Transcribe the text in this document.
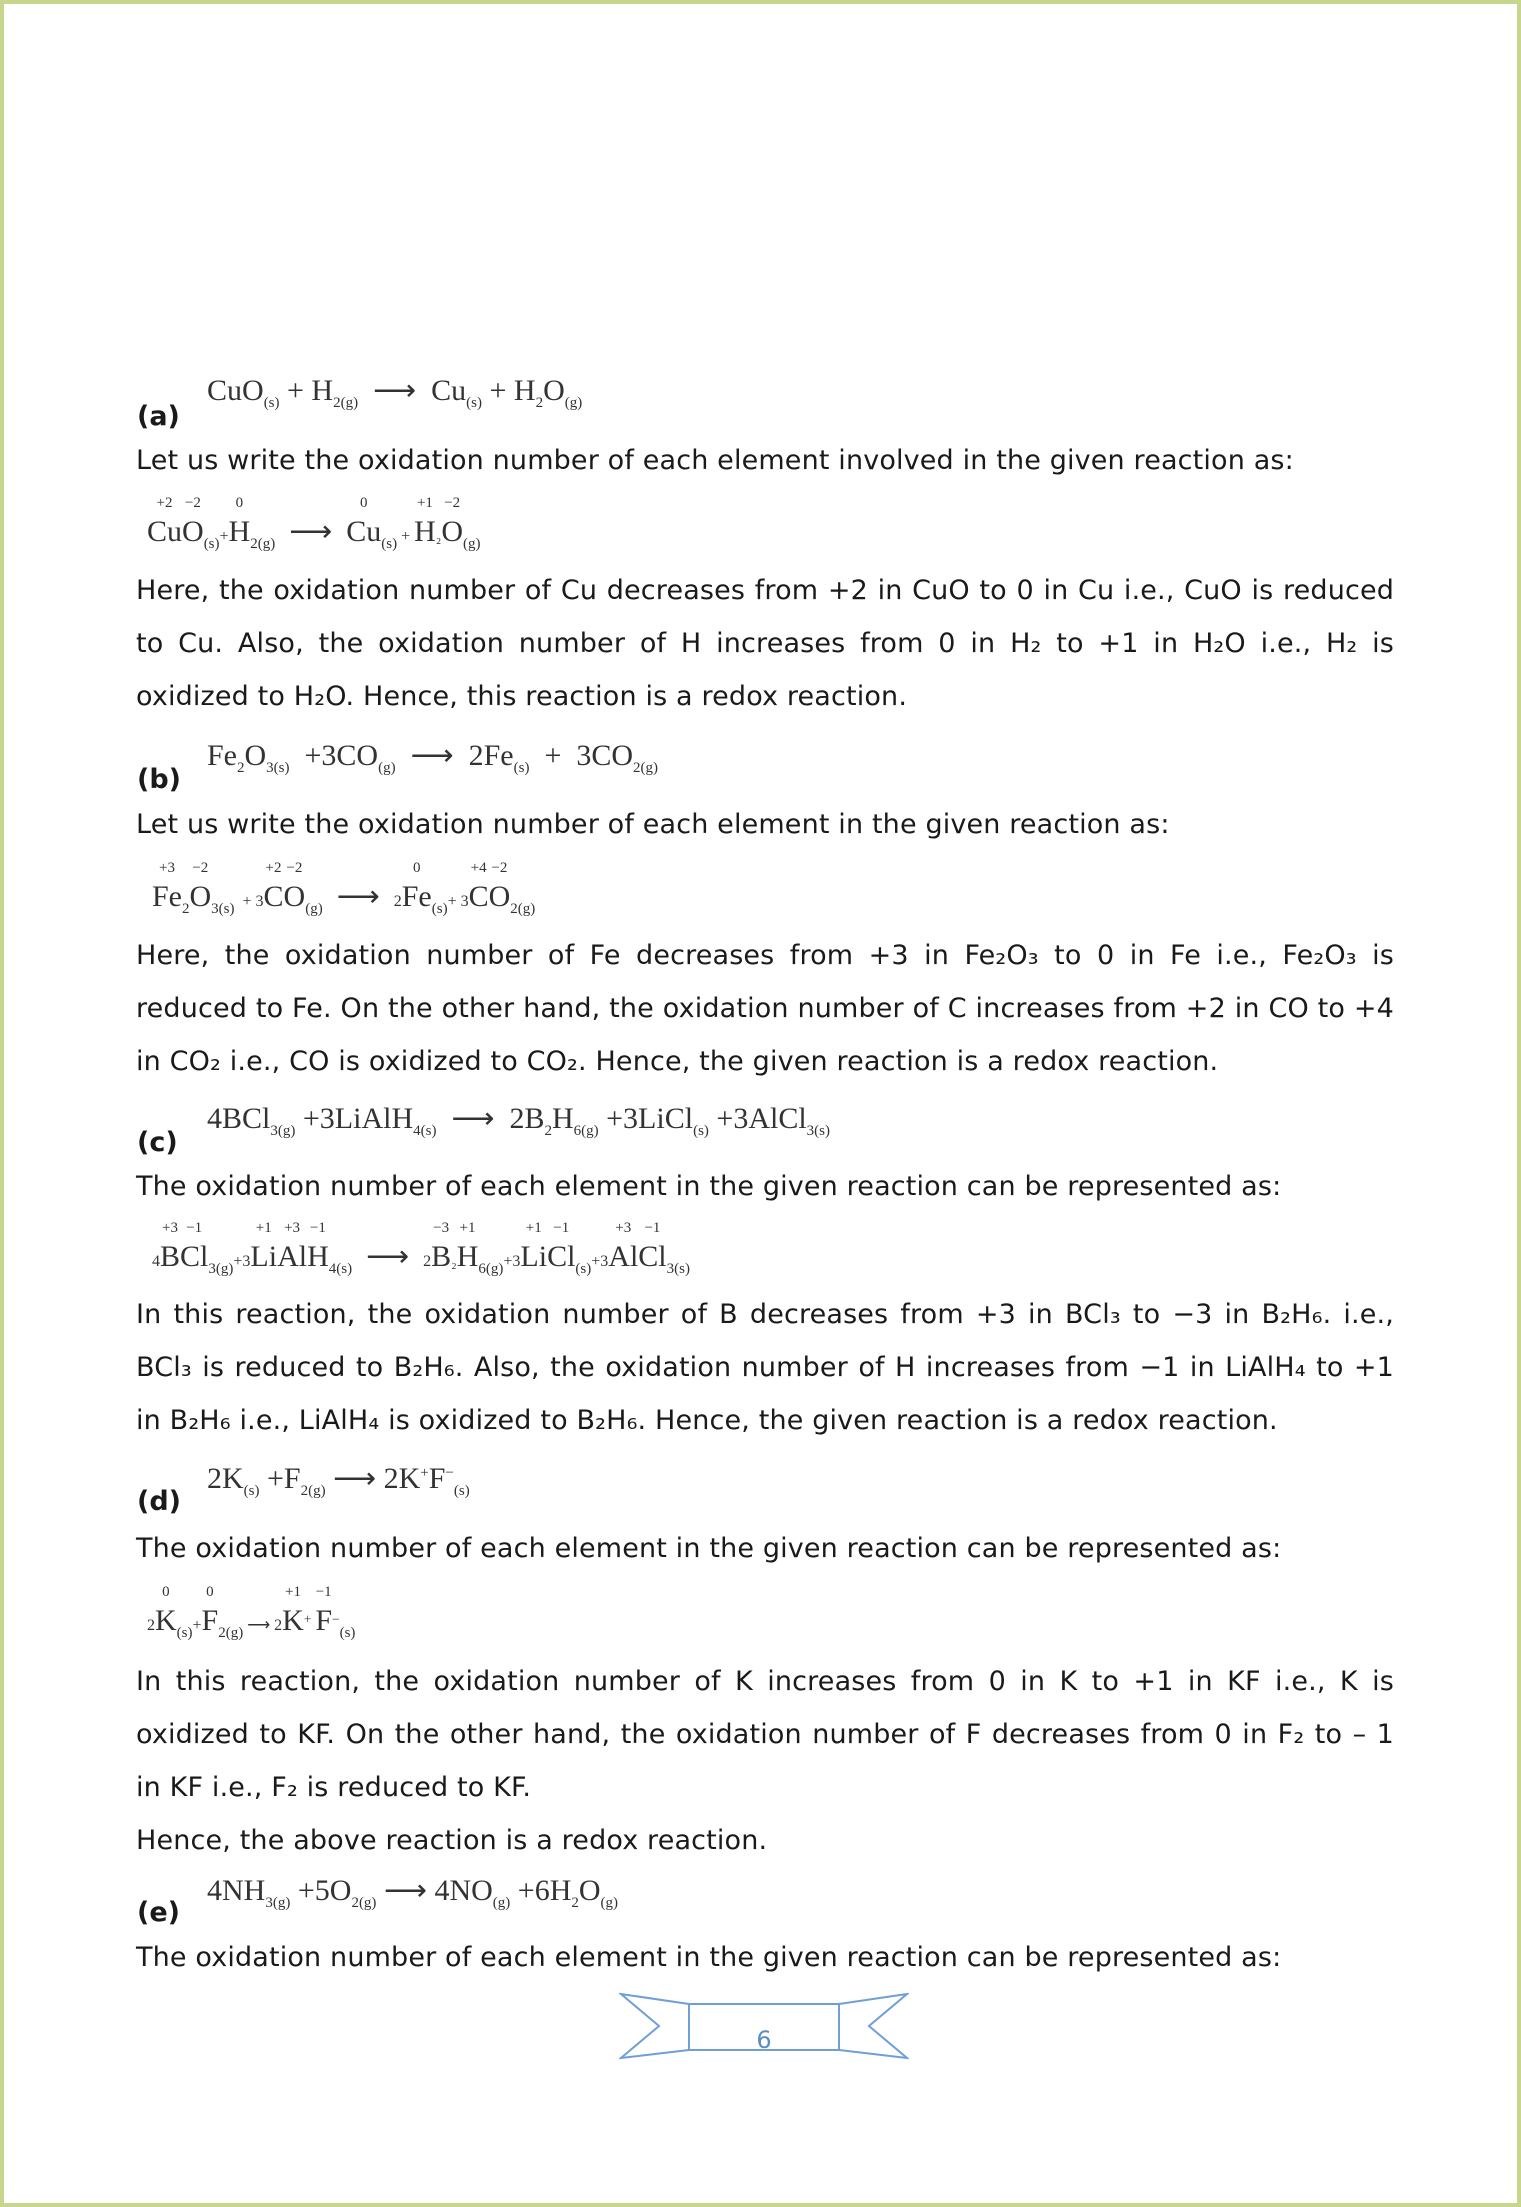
(a)
$CuO_{(s)} + H_{2(g)}$  ⟶  $Cu_{(s)} + H_2O_{(g)}$

Let us write the oxidation number of each element involved in the given reaction as:

Cu
+2
O
−2
$_{(s)}$+H
0
$_{2(g)}$ ⟶ Cu
0
$_{(s)}$ + H
+1
₂O
−2
$_{(g)}$

Here, the oxidation number of Cu decreases from +2 in CuO to 0 in Cu i.e., CuO is reduced to Cu. Also, the oxidation number of H increases from 0 in H₂ to +1 in H₂O i.e., H₂ is oxidized to H₂O. Hence, this reaction is a redox reaction.

(b)
$Fe_2O_{3(s)} +3CO_{(g)}$  ⟶  $2Fe_{(s)} + 3CO_{2(g)}$

Let us write the oxidation number of each element in the given reaction as:

Fe
+3
$_2$O
−2
$_{3(s)}$  + 3C
+2
O
−2
$_{(g)}$ ⟶ 2Fe
0
$_{(s)}$+ 3C
+4
O
−2
$_{2(g)}$

Here, the oxidation number of Fe decreases from +3 in Fe₂O₃ to 0 in Fe i.e., Fe₂O₃ is reduced to Fe. On the other hand, the oxidation number of C increases from +2 in CO to +4 in CO₂ i.e., CO is oxidized to CO₂. Hence, the given reaction is a redox reaction.

(c)
4BCl$_{3(g)}$ +3LiAlH$_{4(s)}$  ⟶  $2B_2H_{6(g)}$ +3LiCl$_{(s)}$ +3AlCl$_{3(s)}$

The oxidation number of each element in the given reaction can be represented as:

4B
+3
Cl
−1
$_{3(g)}$+3Li
+1
Al
+3
H
−1
$_{4(s)}$ ⟶ 2B
−3
₂H
+1
$_{6(g)}$+3Li
+1
Cl
−1
$_{(s)}$+3Al
+3
Cl
−1
$_{3(s)}$

In this reaction, the oxidation number of B decreases from +3 in BCl₃ to −3 in B₂H₆. i.e., BCl₃ is reduced to B₂H₆. Also, the oxidation number of H increases from −1 in LiAlH₄ to +1 in B₂H₆ i.e., LiAlH₄ is oxidized to B₂H₆. Hence, the given reaction is a redox reaction.

(d)
$2K_{(s)} +F_{2(g)}$ ⟶ $2K^+F^-_{(s)}$

The oxidation number of each element in the given reaction can be represented as:

2K
0
$_{(s)}$+F
0
$_{2(g)}$ ⟶ 2K
+1
+ F
−1
−$_{(s)}$

In this reaction, the oxidation number of K increases from 0 in K to +1 in KF i.e., K is oxidized to KF. On the other hand, the oxidation number of F decreases from 0 in F₂ to – 1 in KF i.e., F₂ is reduced to KF.

Hence, the above reaction is a redox reaction.

(e)
$4NH_{3(g)} +5O_{2(g)}$ ⟶ $4NO_{(g)} +6H_2O_{(g)}$

The oxidation number of each element in the given reaction can be represented as:

6
